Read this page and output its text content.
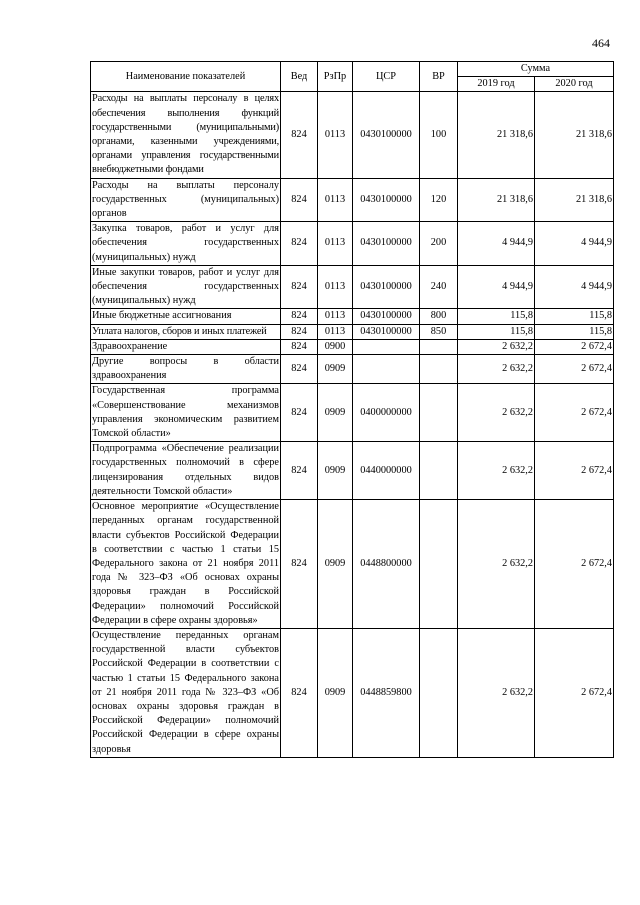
464
Наименование показателей	Вед	РзПр	ЦСР	ВР	Сумма	
					2019 год	2020 год
Расходы на выплаты персоналу в целях обеспечения выполнения функций государственными (муниципальными) органами, казенными учреждениями, органами управления государственными внебюджетными фондами	824	0113	0430100000	100	21 318,6	21 318,6
Расходы на выплаты персоналу государственных (муниципальных) органов	824	0113	0430100000	120	21 318,6	21 318,6
Закупка товаров, работ и услуг для обеспечения государственных (муниципальных) нужд	824	0113	0430100000	200	4 944,9	4 944,9
Иные закупки товаров, работ и услуг для обеспечения государственных (муниципальных) нужд	824	0113	0430100000	240	4 944,9	4 944,9
Иные бюджетные ассигнования	824	0113	0430100000	800	115,8	115,8
Уплата налогов, сборов и иных платежей	824	0113	0430100000	850	115,8	115,8
Здравоохранение	824	0900			2 632,2	2 672,4
Другие вопросы в области здравоохранения	824	0909			2 632,2	2 672,4
Государственная программа «Совершенствование механизмов управления экономическим развитием Томской области»	824	0909	0400000000		2 632,2	2 672,4
Подпрограмма «Обеспечение реализации государственных полномочий в сфере лицензирования отдельных видов деятельности Томской области»	824	0909	0440000000		2 632,2	2 672,4
Основное мероприятие «Осуществление переданных органам государственной власти субъектов Российской Федерации в соответствии с частью 1 статьи 15 Федерального закона от 21 ноября 2011 года № 323–ФЗ «Об основах охраны здоровья граждан в Российской Федерации» полномочий Российской Федерации в сфере охраны здоровья»	824	0909	0448800000		2 632,2	2 672,4
Осуществление переданных органам государственной власти субъектов Российской Федерации в соответствии с частью 1 статьи 15 Федерального закона от 21 ноября 2011 года № 323–ФЗ «Об основах охраны здоровья граждан в Российской Федерации» полномочий Российской Федерации в сфере охраны здоровья	824	0909	0448859800		2 632,2	2 672,4
